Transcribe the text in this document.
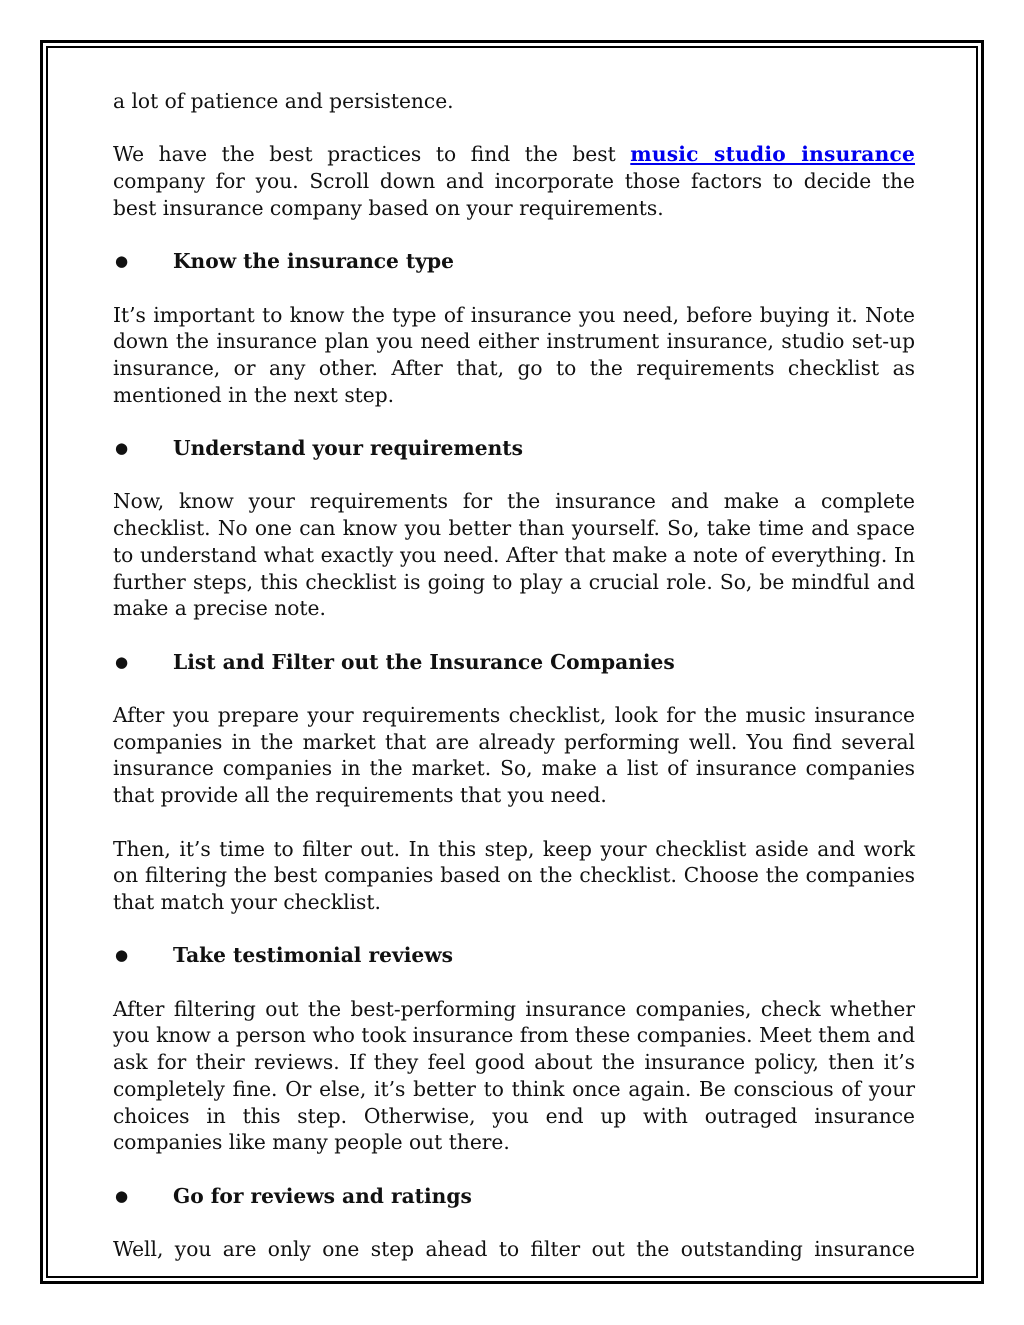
a lot of patience and persistence.

We have the best practices to find the best music studio insurance company for you. Scroll down and incorporate those factors to decide the best insurance company based on your requirements.

●	Know the insurance type

It’s important to know the type of insurance you need, before buying it. Note down the insurance plan you need either instrument insurance, studio set-up insurance, or any other. After that, go to the requirements checklist as mentioned in the next step.

●	Understand your requirements

Now, know your requirements for the insurance and make a complete checklist. No one can know you better than yourself. So, take time and space to understand what exactly you need. After that make a note of everything. In further steps, this checklist is going to play a crucial role. So, be mindful and make a precise note.

●	List and Filter out the Insurance Companies

After you prepare your requirements checklist, look for the music insurance companies in the market that are already performing well. You find several insurance companies in the market. So, make a list of insurance companies that provide all the requirements that you need.

Then, it’s time to filter out. In this step, keep your checklist aside and work on filtering the best companies based on the checklist. Choose the companies that match your checklist.

●	Take testimonial reviews

After filtering out the best-performing insurance companies, check whether you know a person who took insurance from these companies. Meet them and ask for their reviews. If they feel good about the insurance policy, then it’s completely fine. Or else, it’s better to think once again. Be conscious of your choices in this step. Otherwise, you end up with outraged insurance companies like many people out there.

●	Go for reviews and ratings

Well, you are only one step ahead to filter out the outstanding insurance
